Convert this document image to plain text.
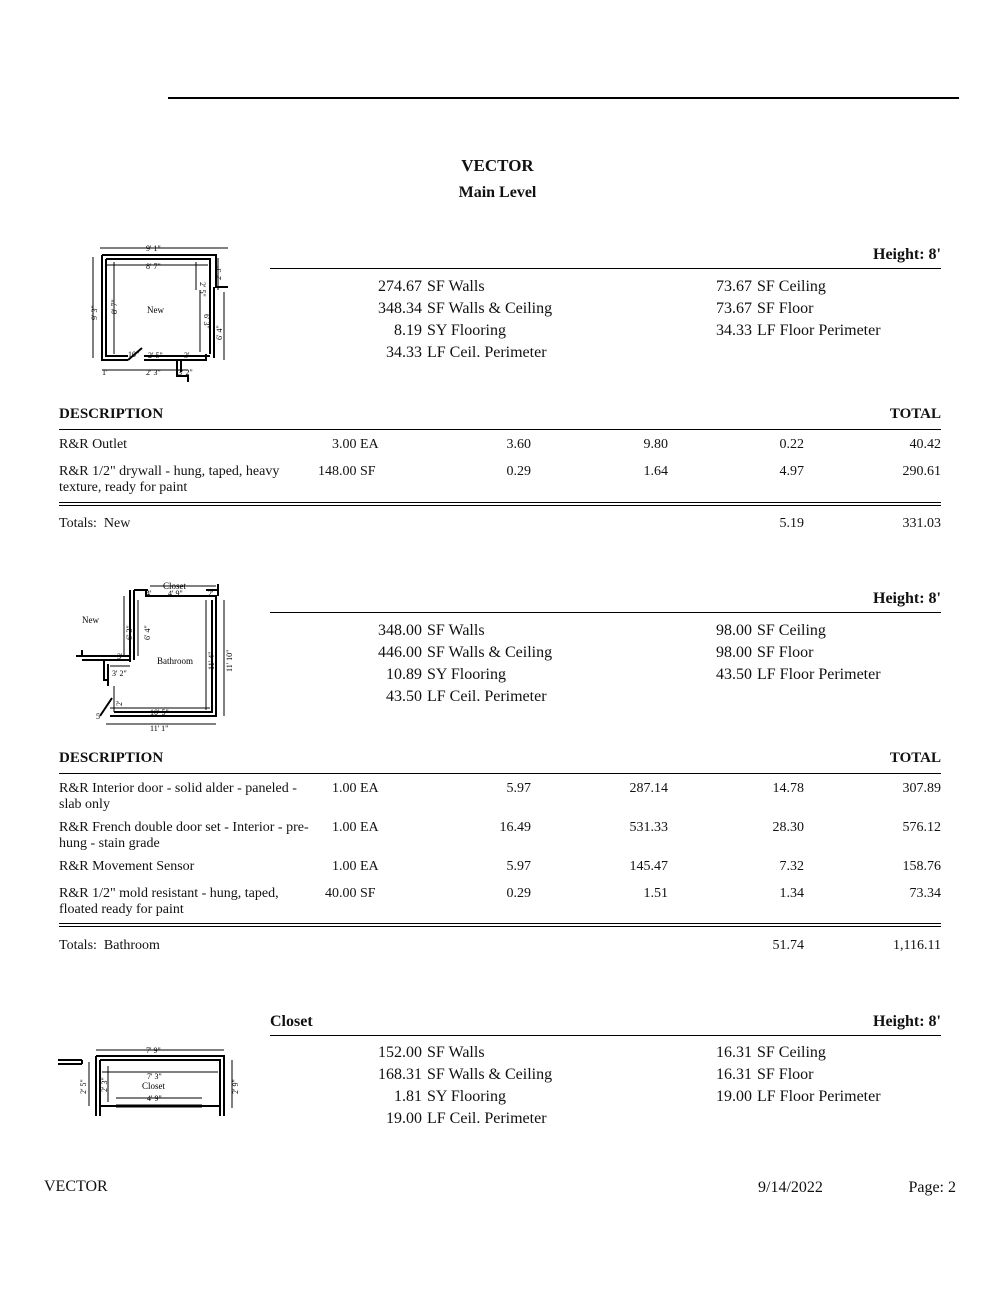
VECTOR
Main Level
9' 1"
8' 7"
New
10" 2' 5"	3'
1'	2' 3" 3' 2"
9' 3" 8' 7"
2' 5"
2' 3"
6' 3"
6' 4"
Height: 8'
274.67 SF Walls
348.34 SF Walls & Ceiling
8.19 SY Flooring
34.33 LF Ceil. Perimeter
73.67 SF Ceiling
73.67 SF Floor
34.33 LF Floor Perimeter
DESCRIPTION	TOTAL
R&R Outlet	3.00 EA	3.60	9.80	0.22	40.42
R&R 1/2" drywall - hung, taped, heavy texture, ready for paint
148.00 SF	0.29	1.64	4.97	290.61
Totals:  New	5.19	331.03
Closet
4' 9"
4'	2'
New
Bathroom
6' 3" 6' 4"
3'
3' 2"
11' 4" 11' 10"
2'
5'	10' 5"
11' 1"
Height: 8'
348.00 SF Walls
446.00 SF Walls & Ceiling
10.89 SY Flooring
43.50 LF Ceil. Perimeter
98.00 SF Ceiling
98.00 SF Floor
43.50 LF Floor Perimeter
DESCRIPTION	TOTAL
R&R Interior door - solid alder - paneled - slab only
1.00 EA	5.97	287.14	14.78	307.89
R&R French double door set - Interior - pre-hung - stain grade
1.00 EA	16.49	531.33	28.30	576.12
R&R Movement Sensor	1.00 EA	5.97	145.47	7.32	158.76
R&R 1/2" mold resistant - hung, taped, floated ready for paint
40.00 SF	0.29	1.51	1.34	73.34
Totals:  Bathroom	51.74	1,116.11
Closet	Height: 8'
7' 9"
7' 3"
Closet
4' 9"
2' 5" 2' 3"	2' 9"
152.00 SF Walls
168.31 SF Walls & Ceiling
1.81 SY Flooring
19.00 LF Ceil. Perimeter
16.31 SF Ceiling
16.31 SF Floor
19.00 LF Floor Perimeter
VECTOR	9/14/2022	Page: 2
